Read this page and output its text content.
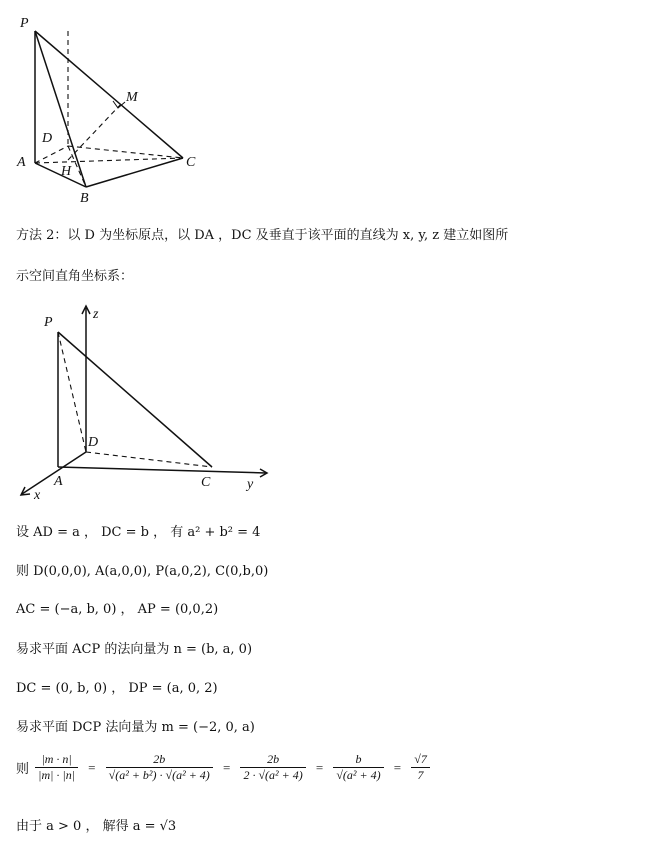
P
M
D
A
H
C
B
P
z
D
A
x
C	y
方法 2：以 D 为坐标原点，以 DA ，DC 及垂直于该平面的直线为 x, y, z 建立如图所
示空间直角坐标系：
设 AD = a ， DC = b ， 有 a² + b² = 4
则 D(0,0,0), A(a,0,0), P(a,0,2), C(0,b,0)
AC = (−a, b, 0) ， AP = (0,0,2)
易求平面 ACP 的法向量为 n = (b, a, 0)
DC = (0, b, 0) ， DP = (a, 0, 2)
易求平面 DCP 法向量为 m = (−2, 0, a)
则 $\frac{|m \cdot n|}{|m| \cdot |n|} = \frac{2b}{\text{√(a² + b²) · √(a² + 4)}} = \frac{2b}{\text{2 · √(a² + 4)}} = \frac{b}{\text{√(a² + 4)}} = \frac{√7}{7}$
由于 a > 0 ， 解得 a = √3
